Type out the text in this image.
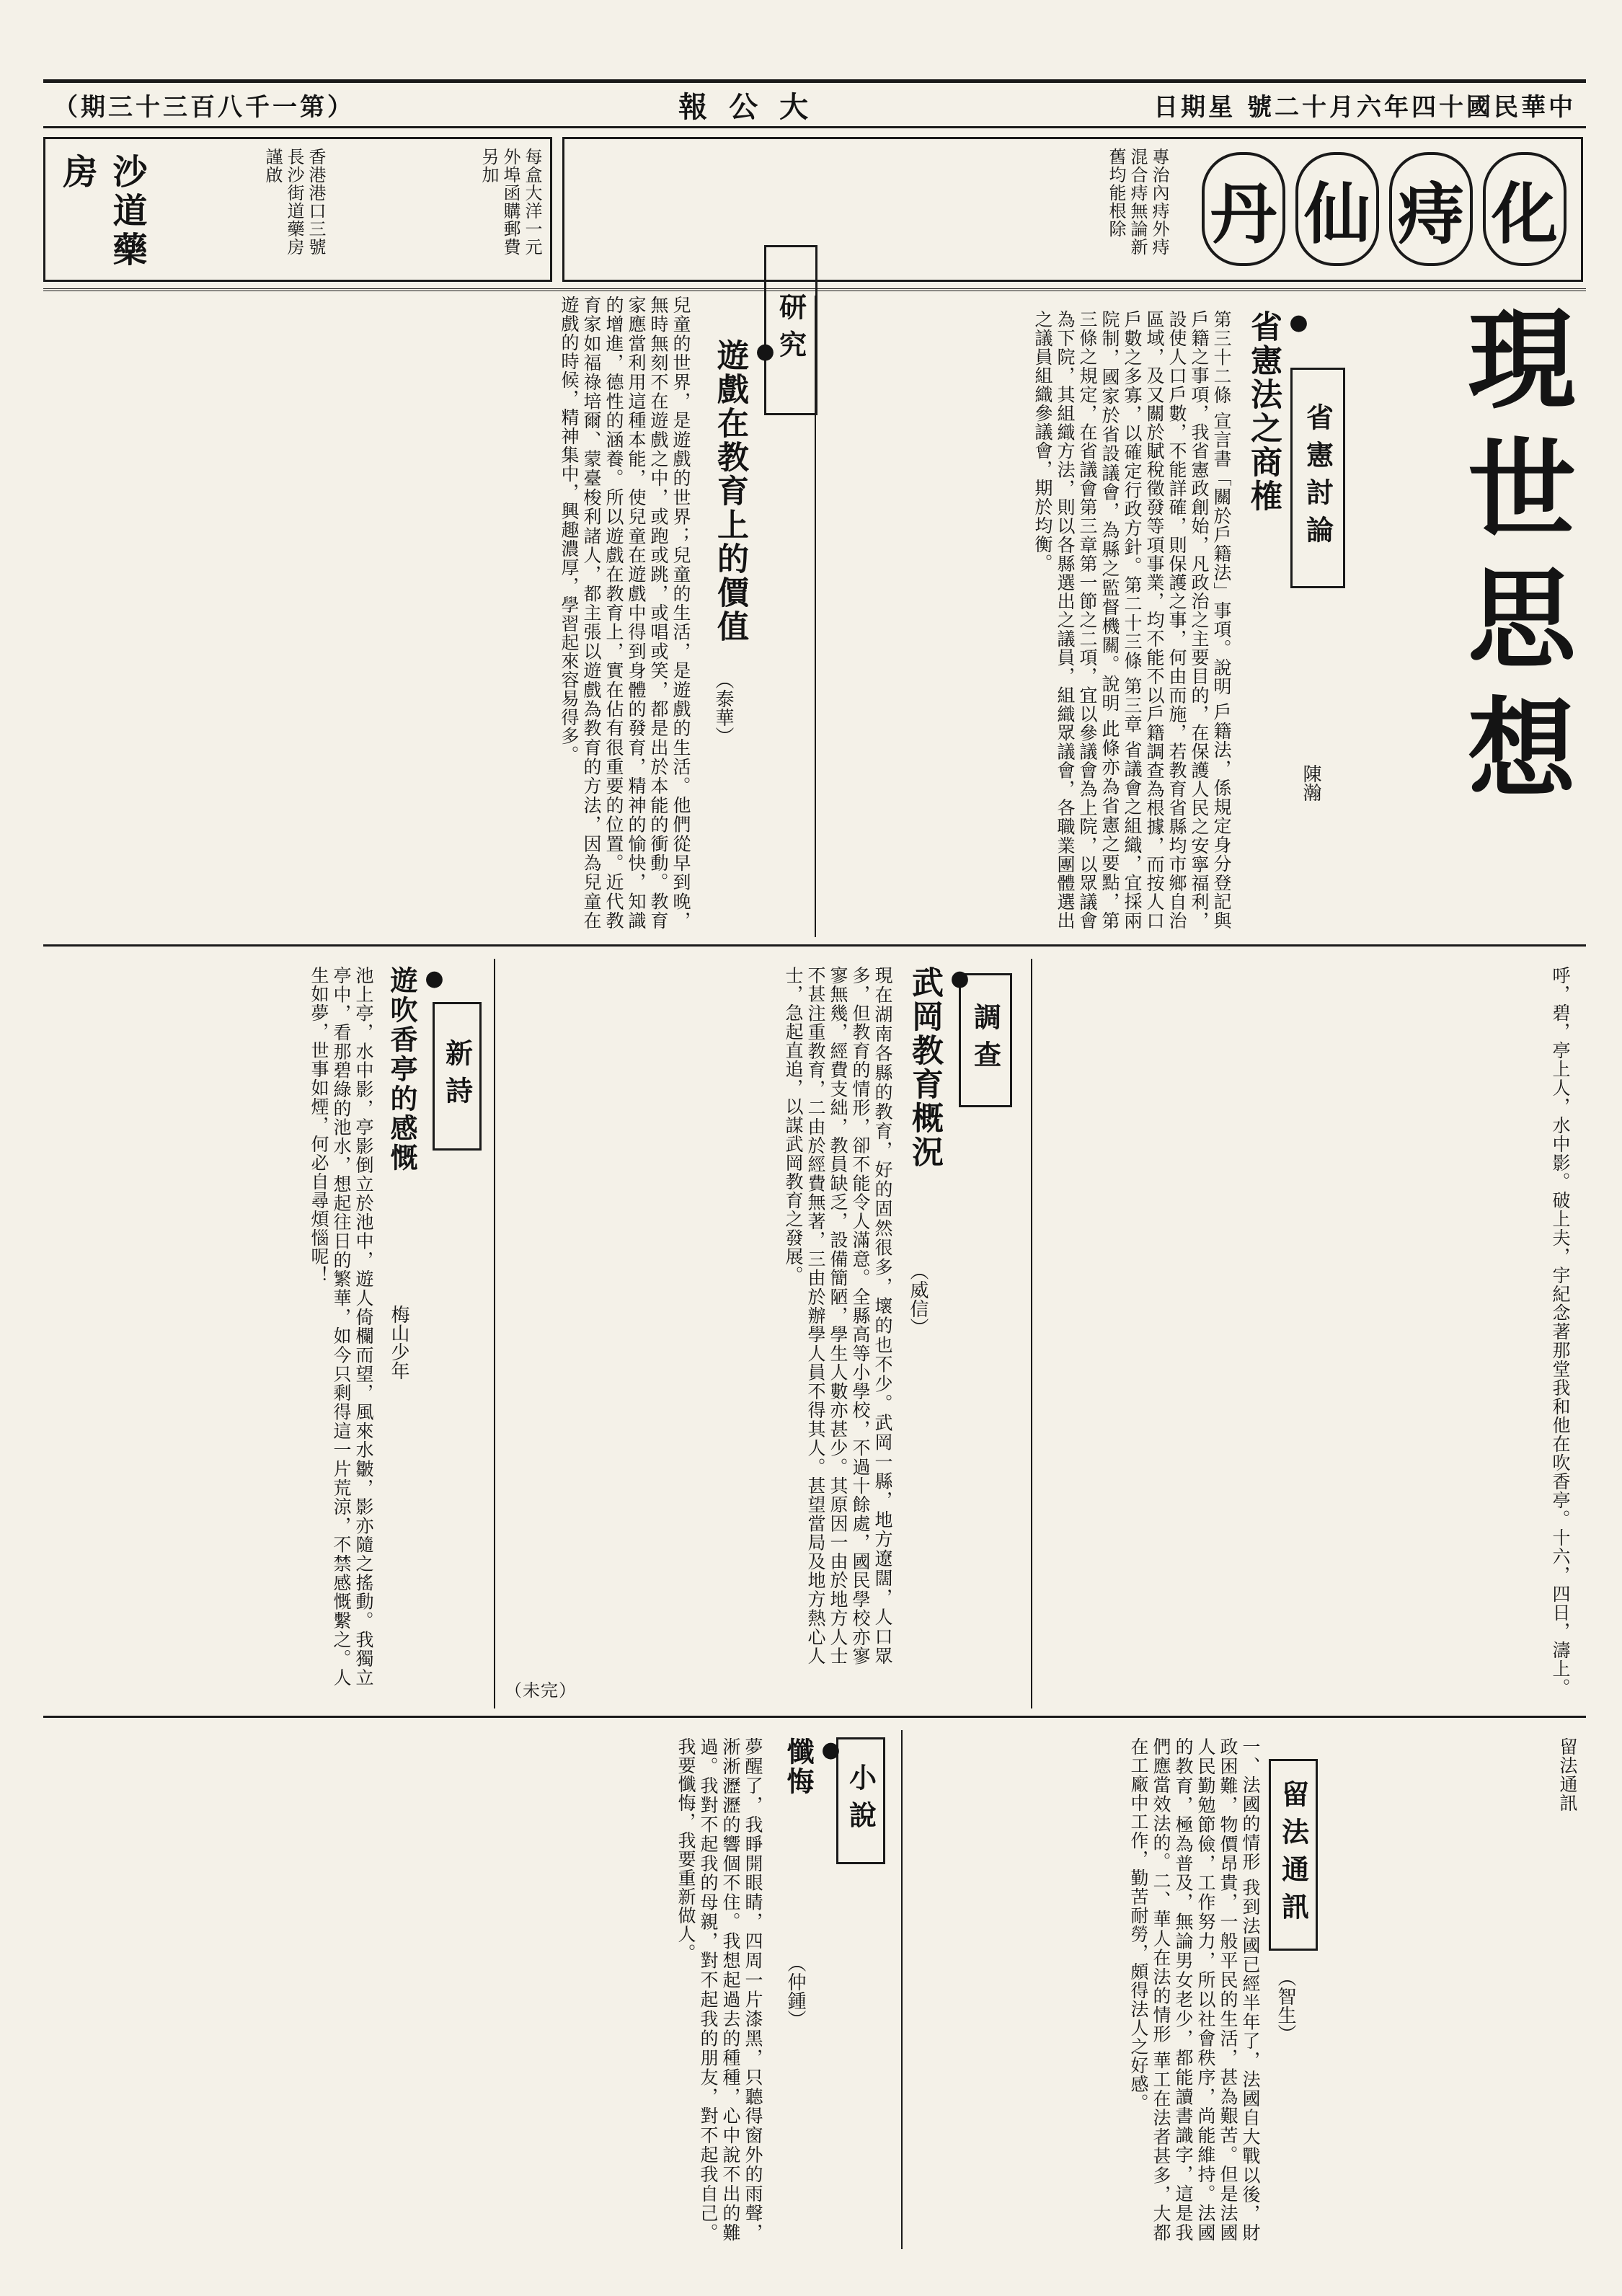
（期三十三百八千一第）	報公大	日期星 號二十月六年四十國民華中
沙道藥房	香港港口三號 長沙街道藥房謹啟	每盒大洋一元 外埠函購郵費另加	專治內痔外痔混合痔無論新舊均能根除	丹 仙 痔 化
現世思想
省憲討論
陳瀚
● 省憲法之商榷
第三十二條 宣言書「關於戶籍法」事項。說明 戶籍法，係規定身分登記與戶籍之事項，我省憲政創始，凡政治之主要目的，在保護人民之安寧福利，設使人口戶數，不能詳確，則保護之事，何由而施，若教育省縣均市鄉自治區域，及又關於賦稅徵發等項事業，均不能不以戶籍調查為根據，而按人口戶數之多寡，以確定行政方針。第二十三條 第三章 省議會之組織，宜採兩院制，國家於省設議會，為縣之監督機關。說明 此條亦為省憲之要點，第三條之規定，在省議會第三章第一節之二項，宜以參議會為上院，以眾議會為下院，其組織方法，則以各縣選出之議員，組織眾議會，各職業團體選出之議員組織參議會，期於均衡。
研究
● 遊戲在教育上的價值
（泰華）
兒童的世界，是遊戲的世界；兒童的生活，是遊戲的生活。他們從早到晚，無時無刻不在遊戲之中，或跑或跳，或唱或笑，都是出於本能的衝動。教育家應當利用這種本能，使兒童在遊戲中得到身體的發育，精神的愉快，知識的增進，德性的涵養。所以遊戲在教育上，實在佔有很重要的位置。近代教育家如福祿培爾、蒙臺梭利諸人，都主張以遊戲為教育的方法，因為兒童在遊戲的時候，精神集中，興趣濃厚，學習起來容易得多。
調查
● 武岡教育概況
（威信）
現在湖南各縣的教育，好的固然很多，壞的也不少。武岡一縣，地方遼闊，人口眾多，但教育的情形，卻不能令人滿意。全縣高等小學校，不過十餘處，國民學校亦寥寥無幾，經費支絀，教員缺乏，設備簡陋，學生人數亦甚少。其原因一由於地方人士不甚注重教育，二由於經費無著，三由於辦學人員不得其人。甚望當局及地方熱心人士，急起直追，以謀武岡教育之發展。
（未完）	呼，碧，亭上人，水中影。破上夫，宇紀念著那堂我和他在吹香亭。十六，四日，濤上。
新詩
● 遊吹香亭的感慨
梅山少年
池上亭，水中影，亭影倒立於池中，遊人倚欄而望，風來水皺，影亦隨之搖動。我獨立亭中，看那碧綠的池水，想起往日的繁華，如今只剩得這一片荒涼，不禁感慨繫之。人生如夢，世事如煙，何必自尋煩惱呢！
留法通訊
（智生）
一、法國的情形 我到法國已經半年了，法國自大戰以後，財政困難，物價昂貴，一般平民的生活，甚為艱苦。但是法國人民勤勉節儉，工作努力，所以社會秩序，尚能維持。法國的教育，極為普及，無論男女老少，都能讀書識字，這是我們應當效法的。二、華人在法的情形 華工在法者甚多，大都在工廠中工作，勤苦耐勞，頗得法人之好感。	留法通訊
小說
● 懺悔
（仲鍾）
夢醒了，我睜開眼睛，四周一片漆黑，只聽得窗外的雨聲，淅淅瀝瀝的響個不住。我想起過去的種種，心中說不出的難過。我對不起我的母親，對不起我的朋友，對不起我自己。我要懺悔，我要重新做人。
